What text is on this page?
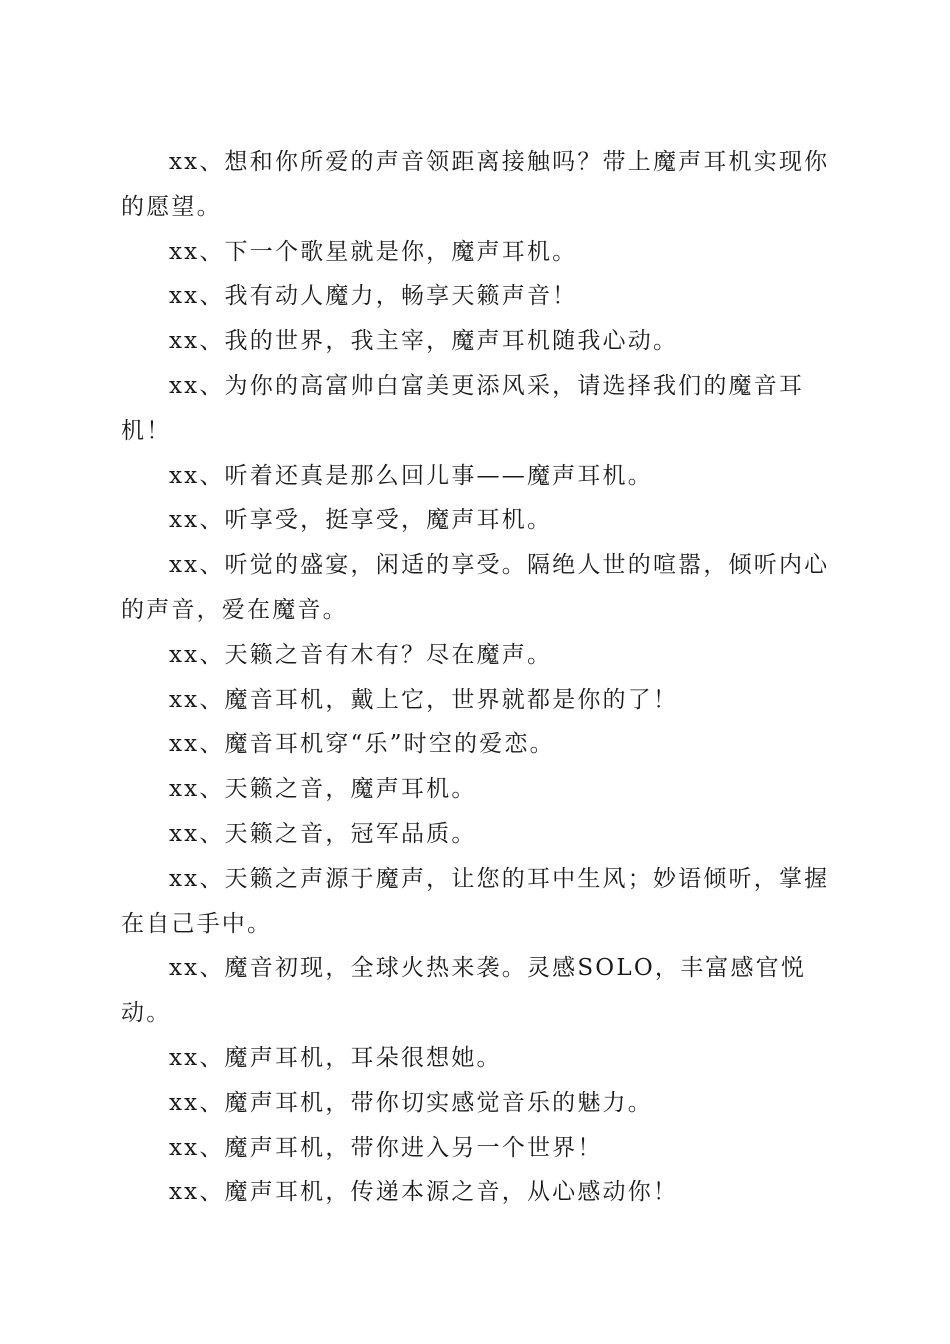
xx、想和你所爱的声音领距离接触吗？带上魔声耳机实现你的愿望。

xx、下一个歌星就是你，魔声耳机。

xx、我有动人魔力，畅享天籁声音！

xx、我的世界，我主宰，魔声耳机随我心动。

xx、为你的高富帅白富美更添风采，请选择我们的魔音耳机！

xx、听着还真是那么回儿事——魔声耳机。

xx、听享受，挺享受，魔声耳机。

xx、听觉的盛宴，闲适的享受。隔绝人世的喧嚣，倾听内心的声音，爱在魔音。

xx、天籁之音有木有？尽在魔声。

xx、魔音耳机，戴上它，世界就都是你的了！

xx、魔音耳机穿“乐”时空的爱恋。

xx、天籁之音，魔声耳机。

xx、天籁之音，冠军品质。

xx、天籁之声源于魔声，让您的耳中生风；妙语倾听，掌握在自己手中。

xx、魔音初现，全球火热来袭。灵感SOLO，丰富感官悦动。

xx、魔声耳机，耳朵很想她。

xx、魔声耳机，带你切实感觉音乐的魅力。

xx、魔声耳机，带你进入另一个世界！

xx、魔声耳机，传递本源之音，从心感动你！
